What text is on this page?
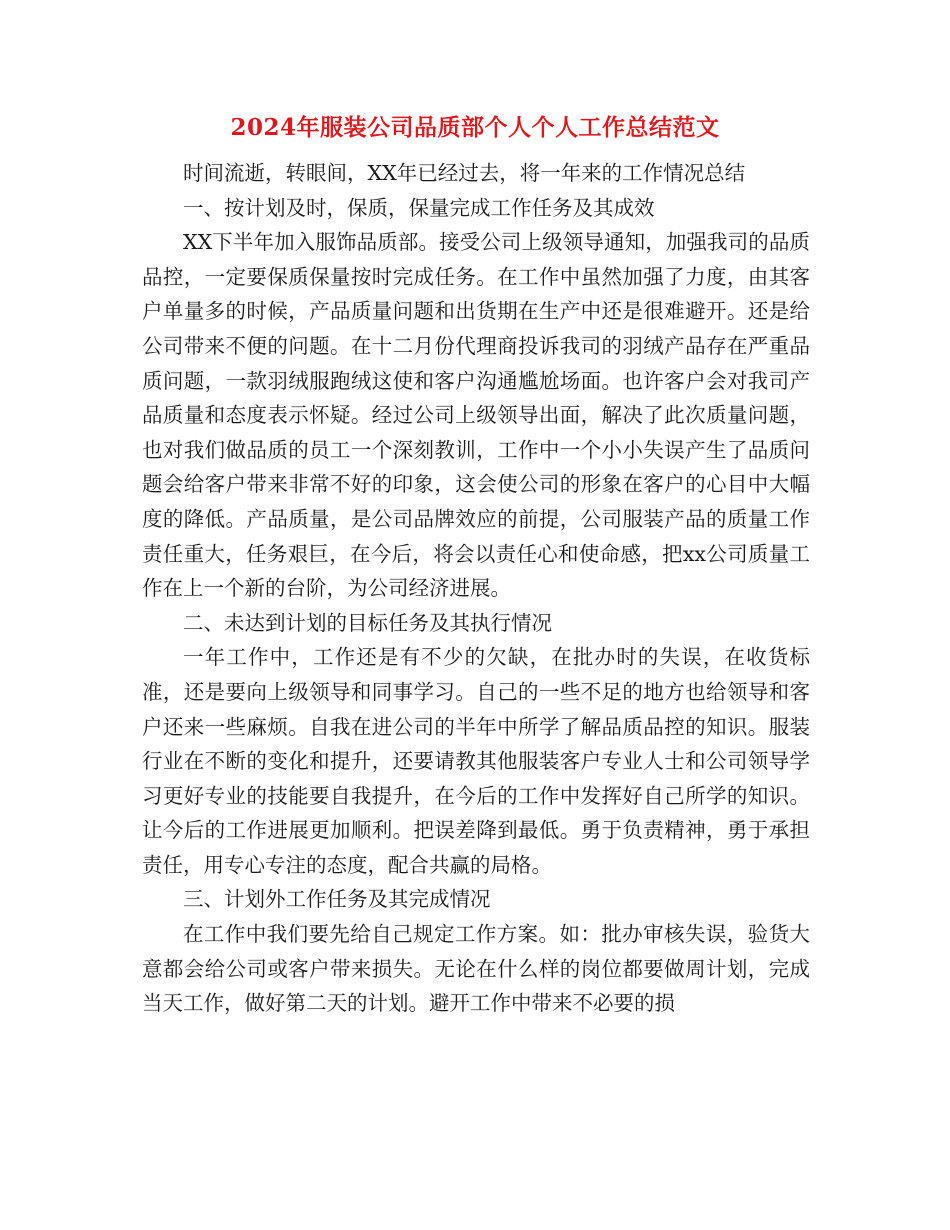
2024年服装公司品质部个人个人工作总结范文

时间流逝，转眼间，XX年已经过去，将一年来的工作情况总结

一、按计划及时，保质，保量完成工作任务及其成效

XX下半年加入服饰品质部。接受公司上级领导通知，加强我司的品质品控，一定要保质保量按时完成任务。在工作中虽然加强了力度，由其客户单量多的时候，产品质量问题和出货期在生产中还是很难避开。还是给公司带来不便的问题。在十二月份代理商投诉我司的羽绒产品存在严重品质问题，一款羽绒服跑绒这使和客户沟通尴尬场面。也许客户会对我司产品质量和态度表示怀疑。经过公司上级领导出面，解决了此次质量问题，也对我们做品质的员工一个深刻教训，工作中一个小小失误产生了品质问题会给客户带来非常不好的印象，这会使公司的形象在客户的心目中大幅度的降低。产品质量，是公司品牌效应的前提，公司服装产品的质量工作责任重大，任务艰巨，在今后，将会以责任心和使命感，把xx公司质量工作在上一个新的台阶，为公司经济进展。

二、未达到计划的目标任务及其执行情况

一年工作中，工作还是有不少的欠缺，在批办时的失误，在收货标准，还是要向上级领导和同事学习。自己的一些不足的地方也给领导和客户还来一些麻烦。自我在进公司的半年中所学了解品质品控的知识。服装行业在不断的变化和提升，还要请教其他服装客户专业人士和公司领导学习更好专业的技能要自我提升，在今后的工作中发挥好自己所学的知识。让今后的工作进展更加顺利。把误差降到最低。勇于负责精神，勇于承担责任，用专心专注的态度，配合共赢的局格。

三、计划外工作任务及其完成情况

在工作中我们要先给自己规定工作方案。如：批办审核失误，验货大意都会给公司或客户带来损失。无论在什么样的岗位都要做周计划，完成当天工作，做好第二天的计划。避开工作中带来不必要的损
